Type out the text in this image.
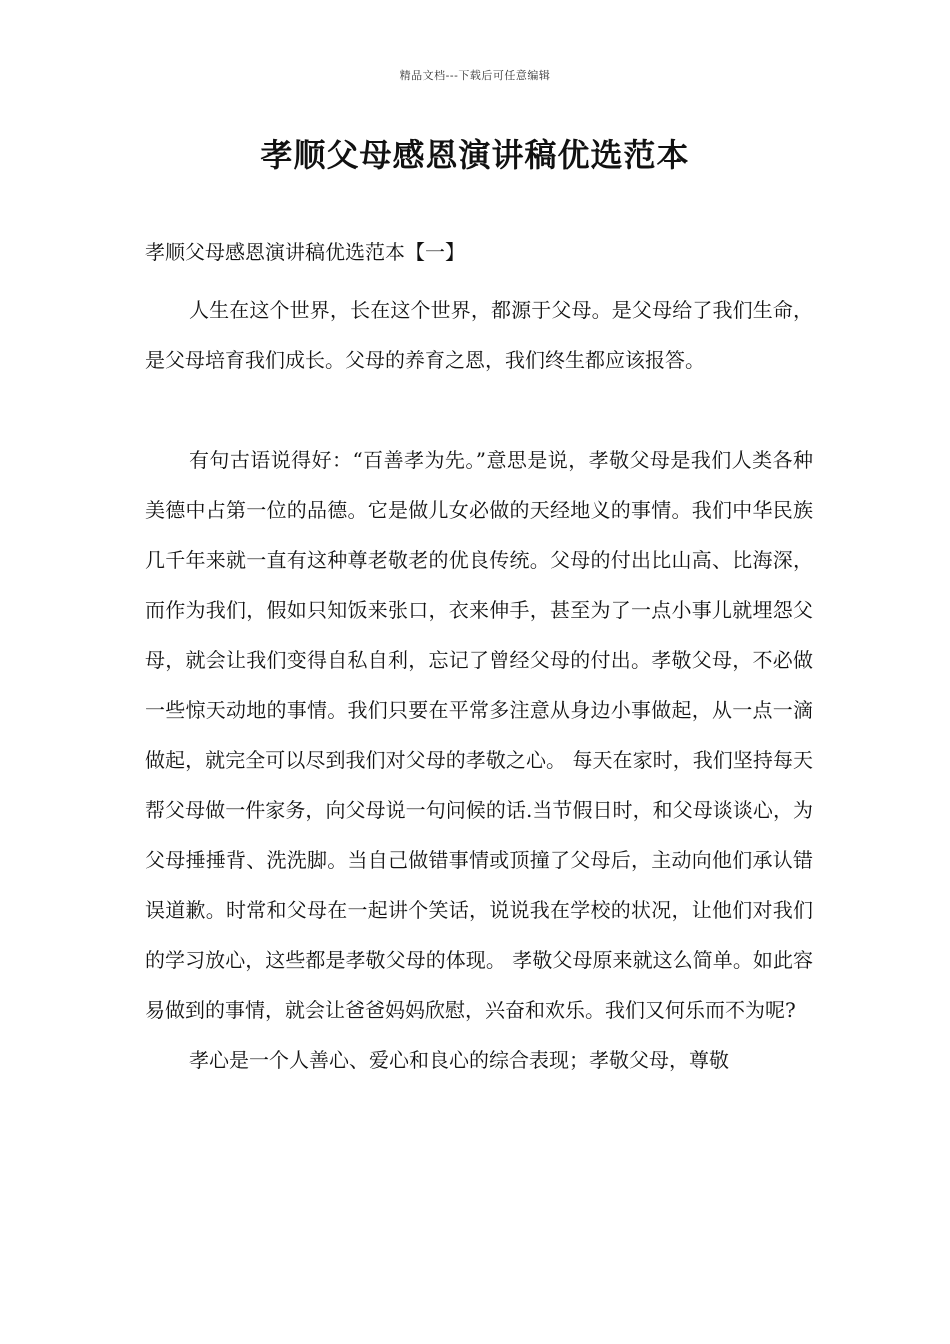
精品文档---下载后可任意编辑
孝顺父母感恩演讲稿优选范本
孝顺父母感恩演讲稿优选范本【一】

人生在这个世界，长在这个世界，都源于父母。是父母给了我们生命，是父母培育我们成长。父母的养育之恩，我们终生都应该报答。

有句古语说得好：“百善孝为先。”意思是说，孝敬父母是我们人类各种美德中占第一位的品德。它是做儿女必做的天经地义的事情。我们中华民族几千年来就一直有这种尊老敬老的优良传统。父母的付出比山高、比海深，而作为我们，假如只知饭来张口，衣来伸手，甚至为了一点小事儿就埋怨父母，就会让我们变得自私自利，忘记了曾经父母的付出。孝敬父母，不必做一些惊天动地的事情。我们只要在平常多注意从身边小事做起，从一点一滴做起，就完全可以尽到我们对父母的孝敬之心。 每天在家时，我们坚持每天帮父母做一件家务，向父母说一句问候的话.当节假日时，和父母谈谈心，为父母捶捶背、洗洗脚。当自己做错事情或顶撞了父母后，主动向他们承认错误道歉。时常和父母在一起讲个笑话，说说我在学校的状况，让他们对我们的学习放心，这些都是孝敬父母的体现。 孝敬父母原来就这么简单。如此容易做到的事情，就会让爸爸妈妈欣慰，兴奋和欢乐。我们又何乐而不为呢?

孝心是一个人善心、爱心和良心的综合表现；孝敬父母，尊敬
